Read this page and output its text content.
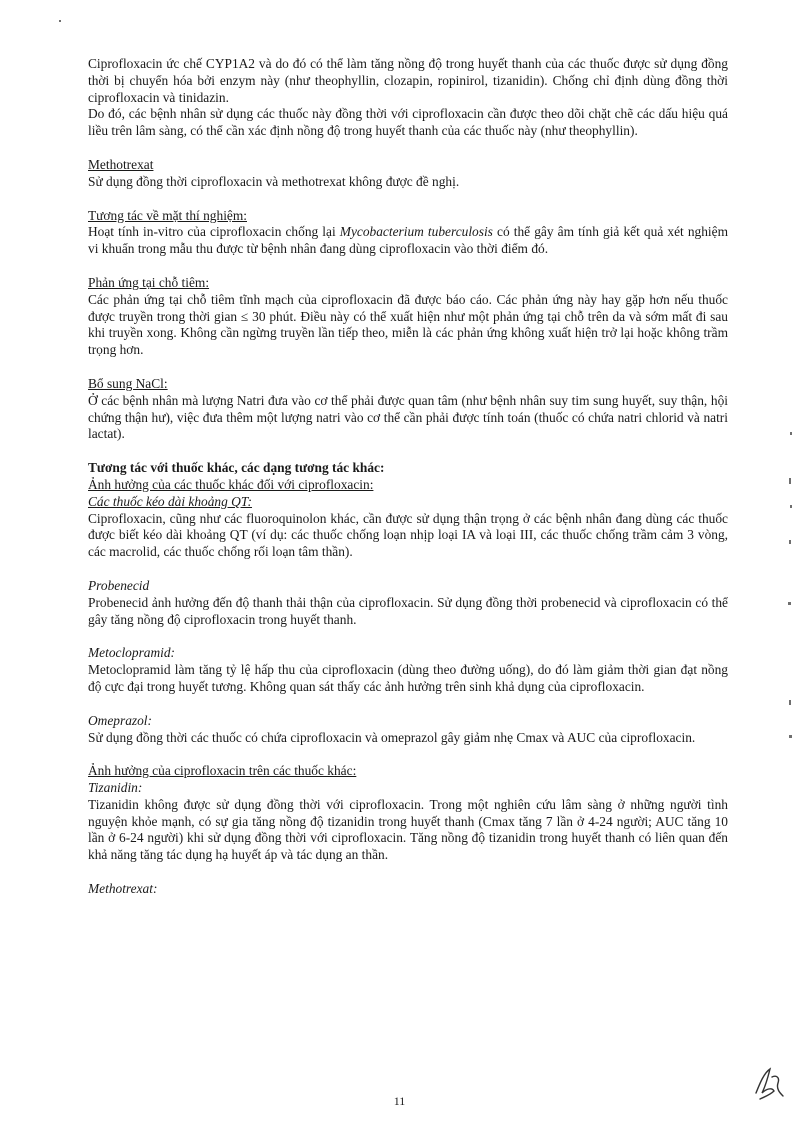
Ciprofloxacin ức chế CYP1A2 và do đó có thể làm tăng nồng độ trong huyết thanh của các thuốc được sử dụng đồng thời bị chuyển hóa bởi enzym này (như theophyllin, clozapin, ropinirol, tizanidin). Chống chỉ định dùng đồng thời ciprofloxacin và tinidazin.

Do đó, các bệnh nhân sử dụng các thuốc này đồng thời với ciprofloxacin cần được theo dõi chặt chẽ các dấu hiệu quá liều trên lâm sàng, có thể cần xác định nồng độ trong huyết thanh của các thuốc này (như theophyllin).

Methotrexat

Sử dụng đồng thời ciprofloxacin và methotrexat không được đề nghị.

Tương tác về mặt thí nghiệm:

Hoạt tính in-vitro của ciprofloxacin chống lại Mycobacterium tuberculosis có thể gây âm tính giả kết quả xét nghiệm vi khuẩn trong mẫu thu được từ bệnh nhân đang dùng ciprofloxacin vào thời điểm đó.

Phản ứng tại chỗ tiêm:

Các phản ứng tại chỗ tiêm tĩnh mạch của ciprofloxacin đã được báo cáo. Các phản ứng này hay gặp hơn nếu thuốc được truyền trong thời gian ≤ 30 phút. Điều này có thể xuất hiện như một phản ứng tại chỗ trên da và sớm mất đi sau khi truyền xong. Không cần ngừng truyền lần tiếp theo, miễn là các phản ứng không xuất hiện trở lại hoặc không trầm trọng hơn.

Bổ sung NaCl:

Ở các bệnh nhân mà lượng Natri đưa vào cơ thể phải được quan tâm (như bệnh nhân suy tim sung huyết, suy thận, hội chứng thận hư), việc đưa thêm một lượng natri vào cơ thể cần phải được tính toán (thuốc có chứa natri chlorid và natri lactat).

Tương tác với thuốc khác, các dạng tương tác khác:

Ảnh hưởng của các thuốc khác đối với ciprofloxacin:

Các thuốc kéo dài khoảng QT:

Ciprofloxacin, cũng như các fluoroquinolon khác, cần được sử dụng thận trọng ở các bệnh nhân đang dùng các thuốc được biết kéo dài khoảng QT (ví dụ: các thuốc chống loạn nhịp loại IA và loại III, các thuốc chống trầm cảm 3 vòng, các macrolid, các thuốc chống rối loạn tâm thần).

Probenecid

Probenecid ảnh hưởng đến độ thanh thải thận của ciprofloxacin. Sử dụng đồng thời probenecid và ciprofloxacin có thể gây tăng nồng độ ciprofloxacin trong huyết thanh.

Metoclopramid:

Metoclopramid làm tăng tỷ lệ hấp thu của ciprofloxacin (dùng theo đường uống), do đó làm giảm thời gian đạt nồng độ cực đại trong huyết tương. Không quan sát thấy các ảnh hưởng trên sinh khả dụng của ciprofloxacin.

Omeprazol:

Sử dụng đồng thời các thuốc có chứa ciprofloxacin và omeprazol gây giảm nhẹ Cmax và AUC của ciprofloxacin.

Ảnh hưởng của ciprofloxacin trên các thuốc khác:

Tizanidin:

Tizanidin không được sử dụng đồng thời với ciprofloxacin. Trong một nghiên cứu lâm sàng ở những người tình nguyện khỏe mạnh, có sự gia tăng nồng độ tizanidin trong huyết thanh (Cmax tăng 7 lần ở 4-24 người; AUC tăng 10 lần ở 6-24 người) khi sử dụng đồng thời với ciprofloxacin. Tăng nồng độ tizanidin trong huyết thanh có liên quan đến khả năng tăng tác dụng hạ huyết áp và tác dụng an thần.

Methotrexat:

11
